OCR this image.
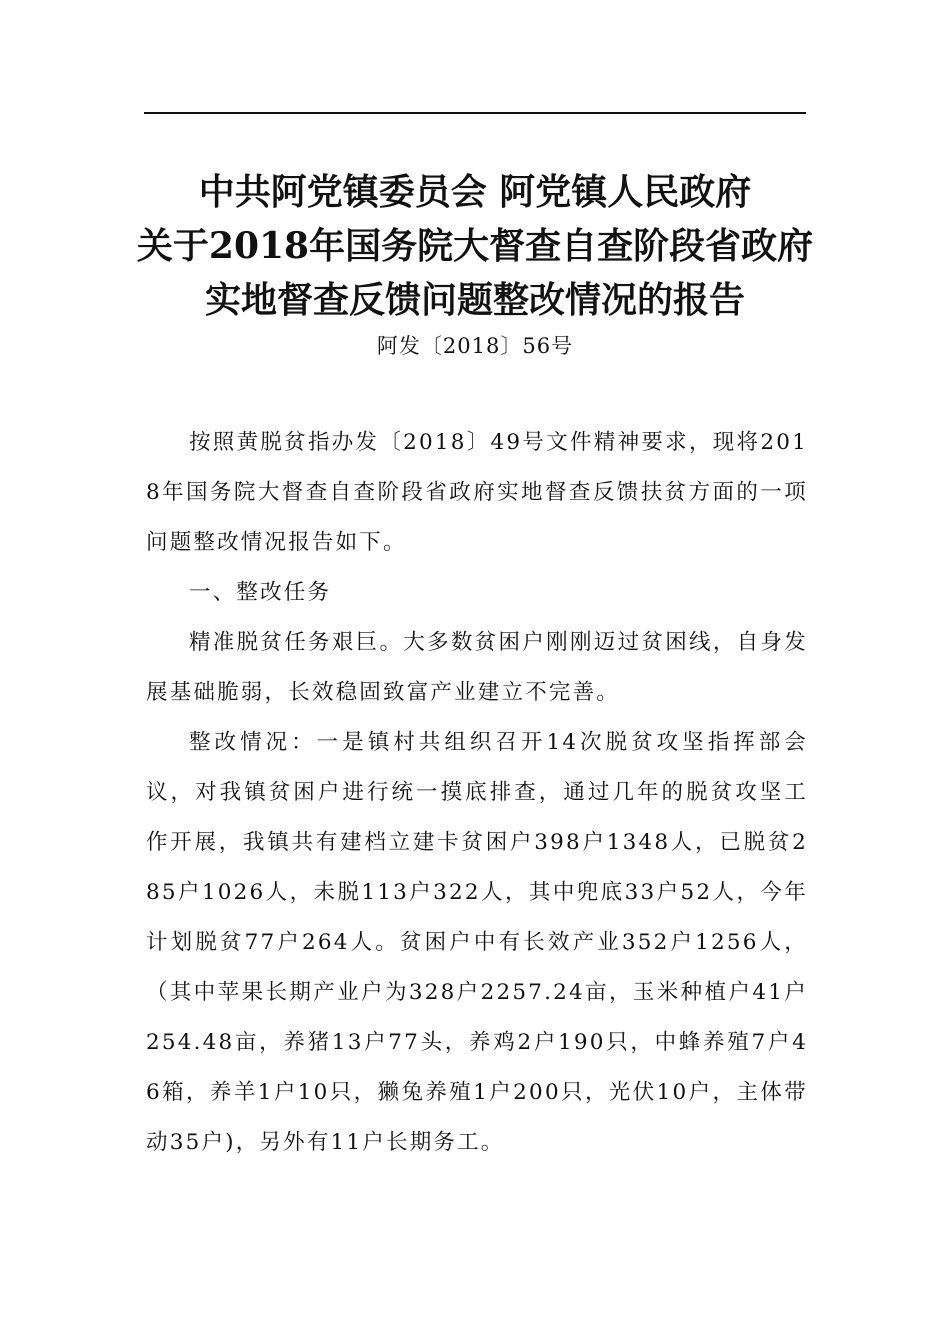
中共阿党镇委员会 阿党镇人民政府
关于2018年国务院大督查自查阶段省政府
实地督查反馈问题整改情况的报告
阿发〔2018〕56号

按照黄脱贫指办发〔2018〕49号文件精神要求，现将2018年国务院大督查自查阶段省政府实地督查反馈扶贫方面的一项问题整改情况报告如下。

一、整改任务

精准脱贫任务艰巨。大多数贫困户刚刚迈过贫困线，自身发展基础脆弱，长效稳固致富产业建立不完善。

整改情况：一是镇村共组织召开14次脱贫攻坚指挥部会议，对我镇贫困户进行统一摸底排查，通过几年的脱贫攻坚工作开展，我镇共有建档立建卡贫困户398户1348人，已脱贫285户1026人，未脱113户322人，其中兜底33户52人，今年计划脱贫77户264人。贫困户中有长效产业352户1256人，（其中苹果长期产业户为328户2257.24亩，玉米种植户41户254.48亩，养猪13户77头，养鸡2户190只，中蜂养殖7户46箱，养羊1户10只，獭兔养殖1户200只，光伏10户，主体带动35户)，另外有11户长期务工。
